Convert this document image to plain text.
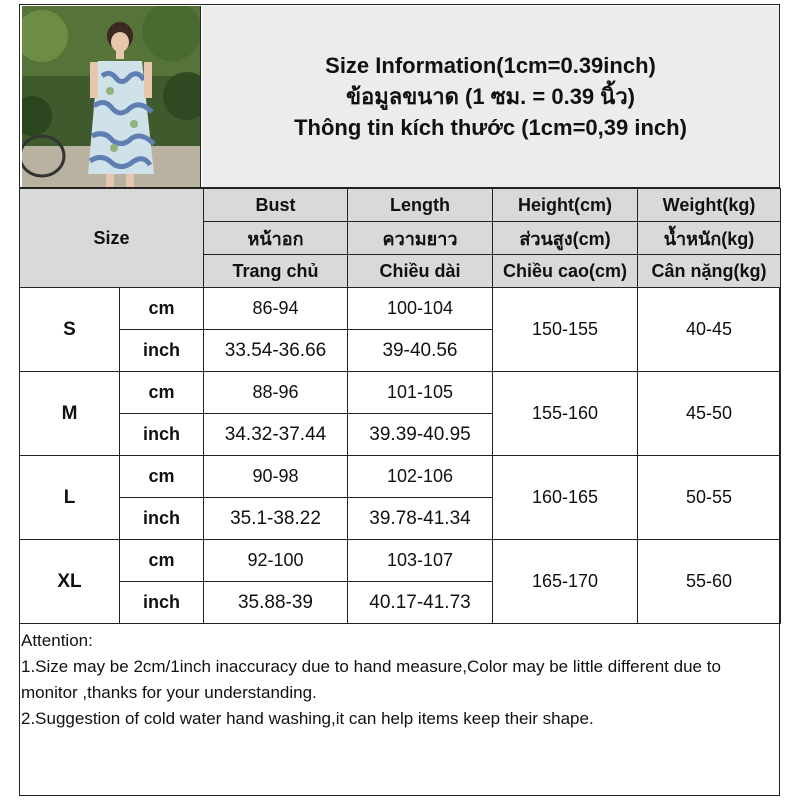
Size Information(1cm=0.39inch)
ข้อมูลขนาด (1 ซม. = 0.39 นิ้ว)
Thông tin kích thước (1cm=0,39 inch)
Size		Bust	Length	Height(cm)	Weight(kg)
		หน้าอก	ความยาว	ส่วนสูง(cm)	น้ำหนัก(kg)
		Trang chủ	Chiều dài	Chiều cao(cm)	Cân nặng(kg)
S	cm	86-94	100-104	150-155	40-45
	inch	33.54-36.66	39-40.56		
M	cm	88-96	101-105	155-160	45-50
	inch	34.32-37.44	39.39-40.95		
L	cm	90-98	102-106	160-165	50-55
	inch	35.1-38.22	39.78-41.34		
XL	cm	92-100	103-107	165-170	55-60
	inch	35.88-39	40.17-41.73		

Attention:

1.Size may be 2cm/1inch inaccuracy due to hand measure,Color may be little different due to monitor ,thanks for your understanding.

2.Suggestion of cold water hand washing,it can help items keep their shape.
